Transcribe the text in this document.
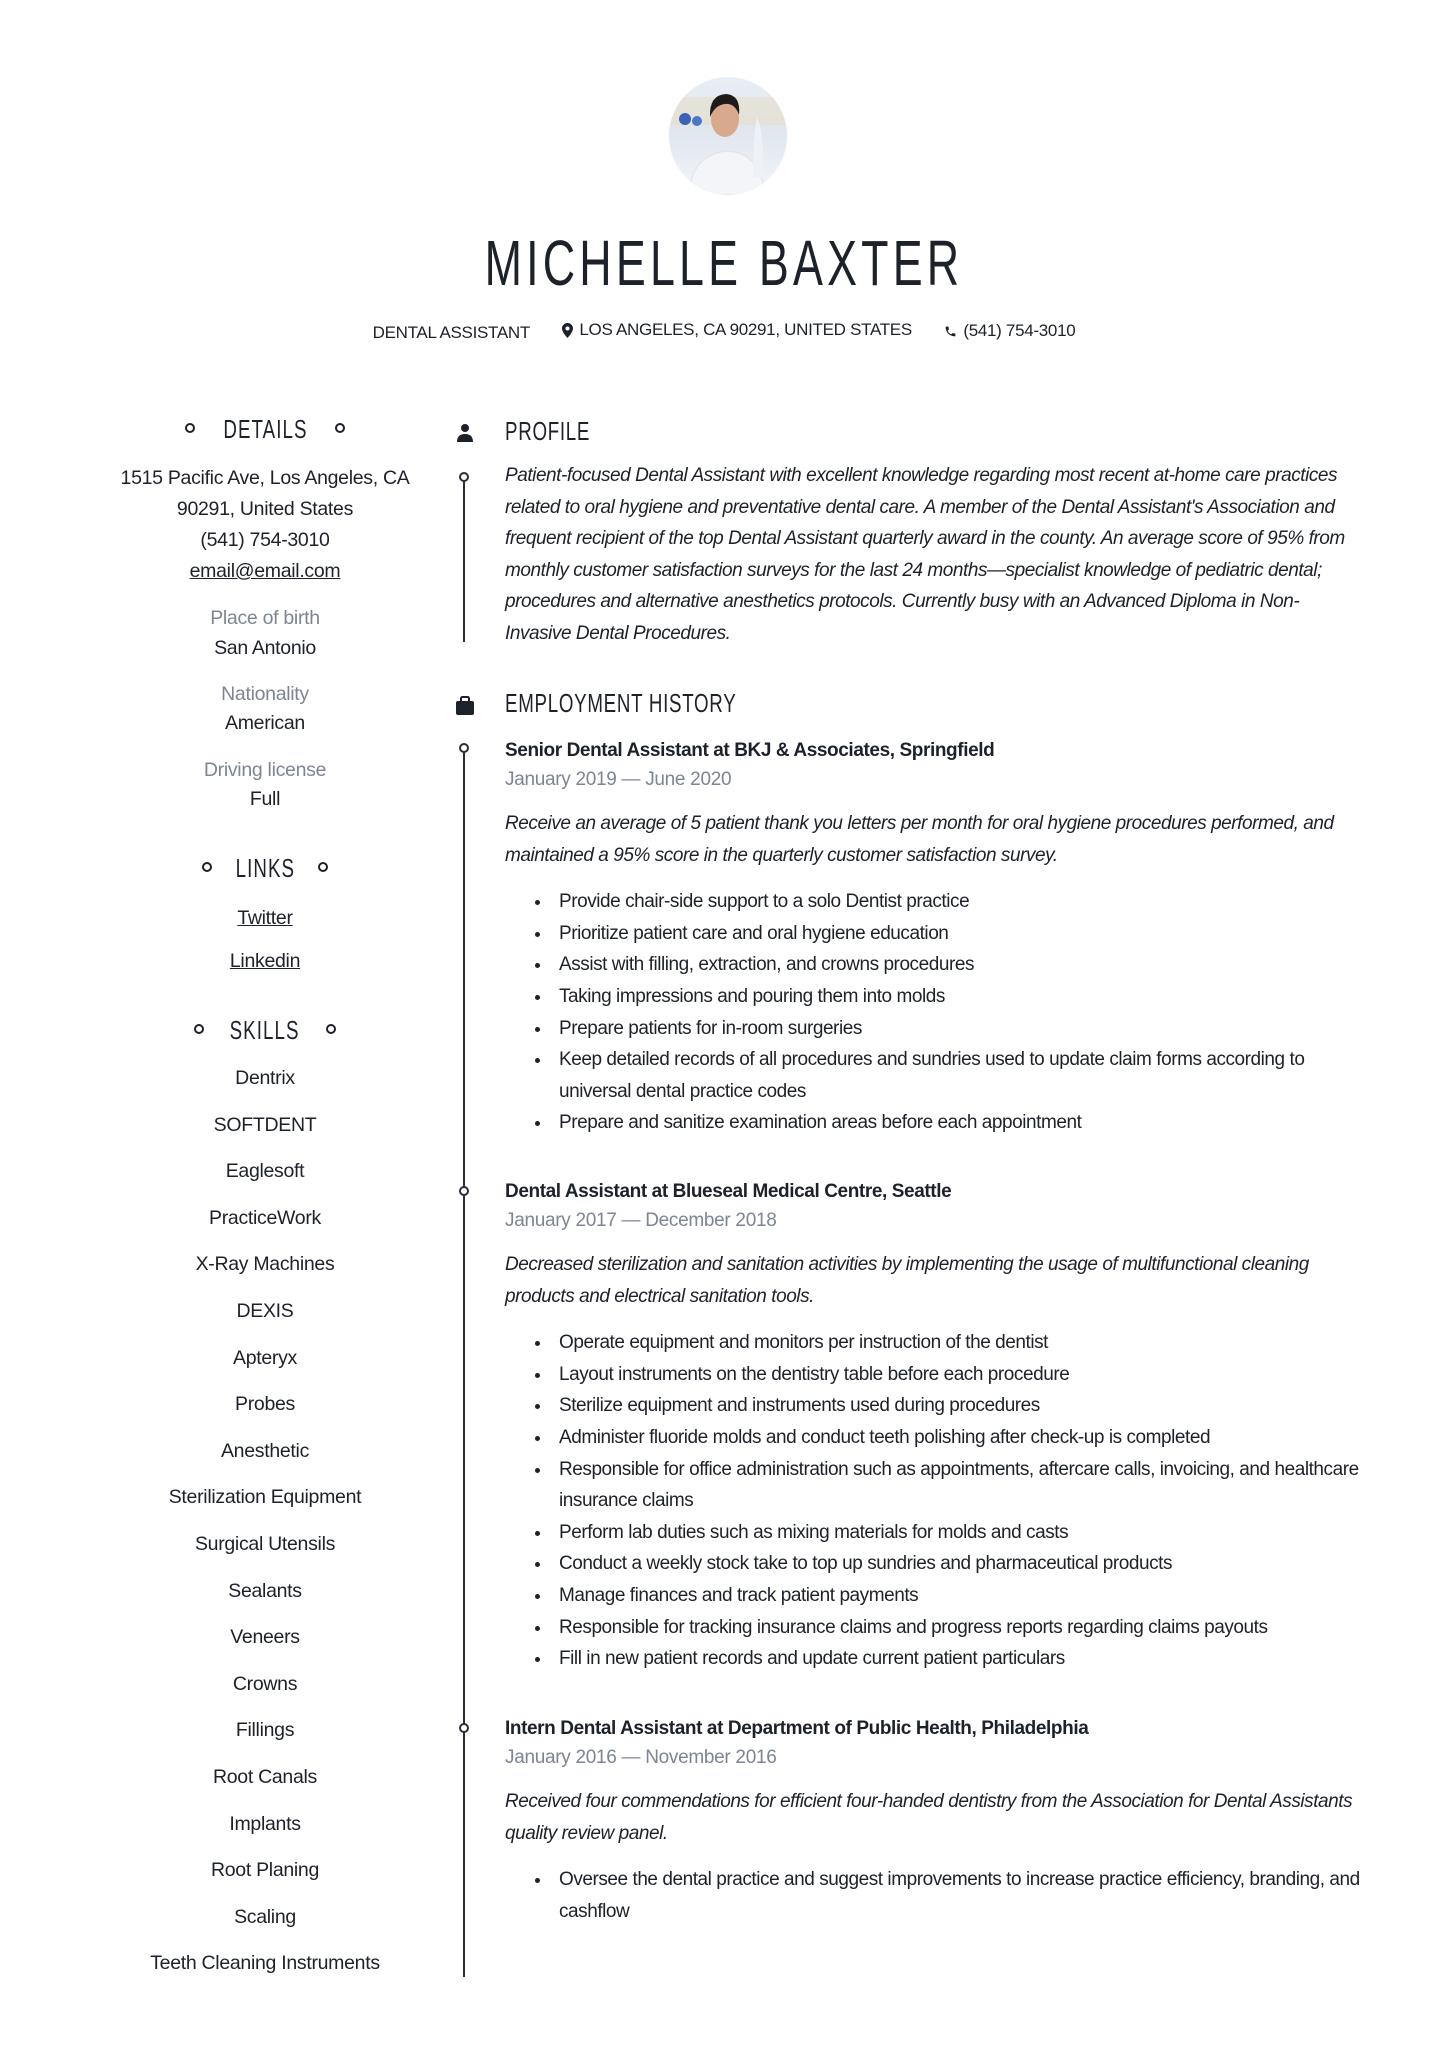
MICHELLE BAXTER
DENTAL ASSISTANT	LOS ANGELES, CA 90291, UNITED STATES
	(541) 754-3010
DETAILS
1515 Pacific Ave, Los Angeles, CA
90291, United States
(541) 754-3010
email@email.com
Place of birth
San Antonio
Nationality
American
Driving license
Full
LINKS
Twitter
Linkedin
SKILLS
Dentrix
SOFTDENT
Eaglesoft
PracticeWork
X-Ray Machines
DEXIS
Apteryx
Probes
Anesthetic
Sterilization Equipment
Surgical Utensils
Sealants
Veneers
Crowns
Fillings
Root Canals
Implants
Root Planing
Scaling
Teeth Cleaning Instruments
PROFILE
Patient-focused Dental Assistant with excellent knowledge regarding most recent at-home care practices related to oral hygiene and preventative dental care. A member of the Dental Assistant's Association and frequent recipient of the top Dental Assistant quarterly award in the county. An average score of 95% from monthly customer satisfaction surveys for the last 24 months—specialist knowledge of pediatric dental; procedures and alternative anesthetics protocols. Currently busy with an Advanced Diploma in Non-Invasive Dental Procedures.
EMPLOYMENT HISTORY
Senior Dental Assistant at BKJ & Associates, Springfield
January 2019 — June 2020
Receive an average of 5 patient thank you letters per month for oral hygiene procedures performed, and maintained a 95% score in the quarterly customer satisfaction survey.
Provide chair-side support to a solo Dentist practice
Prioritize patient care and oral hygiene education
Assist with filling, extraction, and crowns procedures
Taking impressions and pouring them into molds
Prepare patients for in-room surgeries
Keep detailed records of all procedures and sundries used to update claim forms according to universal dental practice codes
Prepare and sanitize examination areas before each appointment
Dental Assistant at Blueseal Medical Centre, Seattle
January 2017 — December 2018
Decreased sterilization and sanitation activities by implementing the usage of multifunctional cleaning products and electrical sanitation tools.
Operate equipment and monitors per instruction of the dentist
Layout instruments on the dentistry table before each procedure
Sterilize equipment and instruments used during procedures
Administer fluoride molds and conduct teeth polishing after check-up is completed
Responsible for office administration such as appointments, aftercare calls, invoicing, and healthcare insurance claims
Perform lab duties such as mixing materials for molds and casts
Conduct a weekly stock take to top up sundries and pharmaceutical products
Manage finances and track patient payments
Responsible for tracking insurance claims and progress reports regarding claims payouts
Fill in new patient records and update current patient particulars
Intern Dental Assistant at Department of Public Health, Philadelphia
January 2016 — November 2016
Received four commendations for efficient four-handed dentistry from the Association for Dental Assistants quality review panel.
Oversee the dental practice and suggest improvements to increase practice efficiency, branding, and cashflow
